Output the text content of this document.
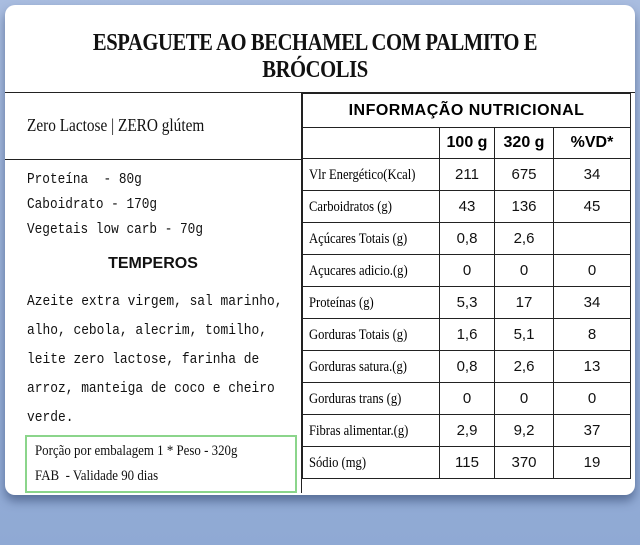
ESPAGUETE AO BECHAMEL COM PALMITO E BRÓCOLIS
Zero Lactose | ZERO glútem
Proteína  - 80g
Caboidrato - 170g
Vegetais low carb - 70g
TEMPEROS
Azeite extra virgem, sal marinho, alho, cebola, alecrim, tomilho, leite zero lactose, farinha de arroz, manteiga de coco e cheiro verde.
Porção por embalagem 1 * Peso - 320g
FAB  - Validade 90 dias
INFORMAÇÃO NUTRICIONAL			
	100 g	320 g	%VD*
Vlr Energético(Kcal)	211	675	34
Carboidratos (g)	43	136	45
Açúcares Totais (g)	0,8	2,6	
Açucares adicio.(g)	0	0	0
Proteínas (g)	5,3	17	34
Gorduras Totais (g)	1,6	5,1	8
Gorduras satura.(g)	0,8	2,6	13
Gorduras trans (g)	0	0	0
Fibras alimentar.(g)	2,9	9,2	37
Sódio (mg)	115	370	19
